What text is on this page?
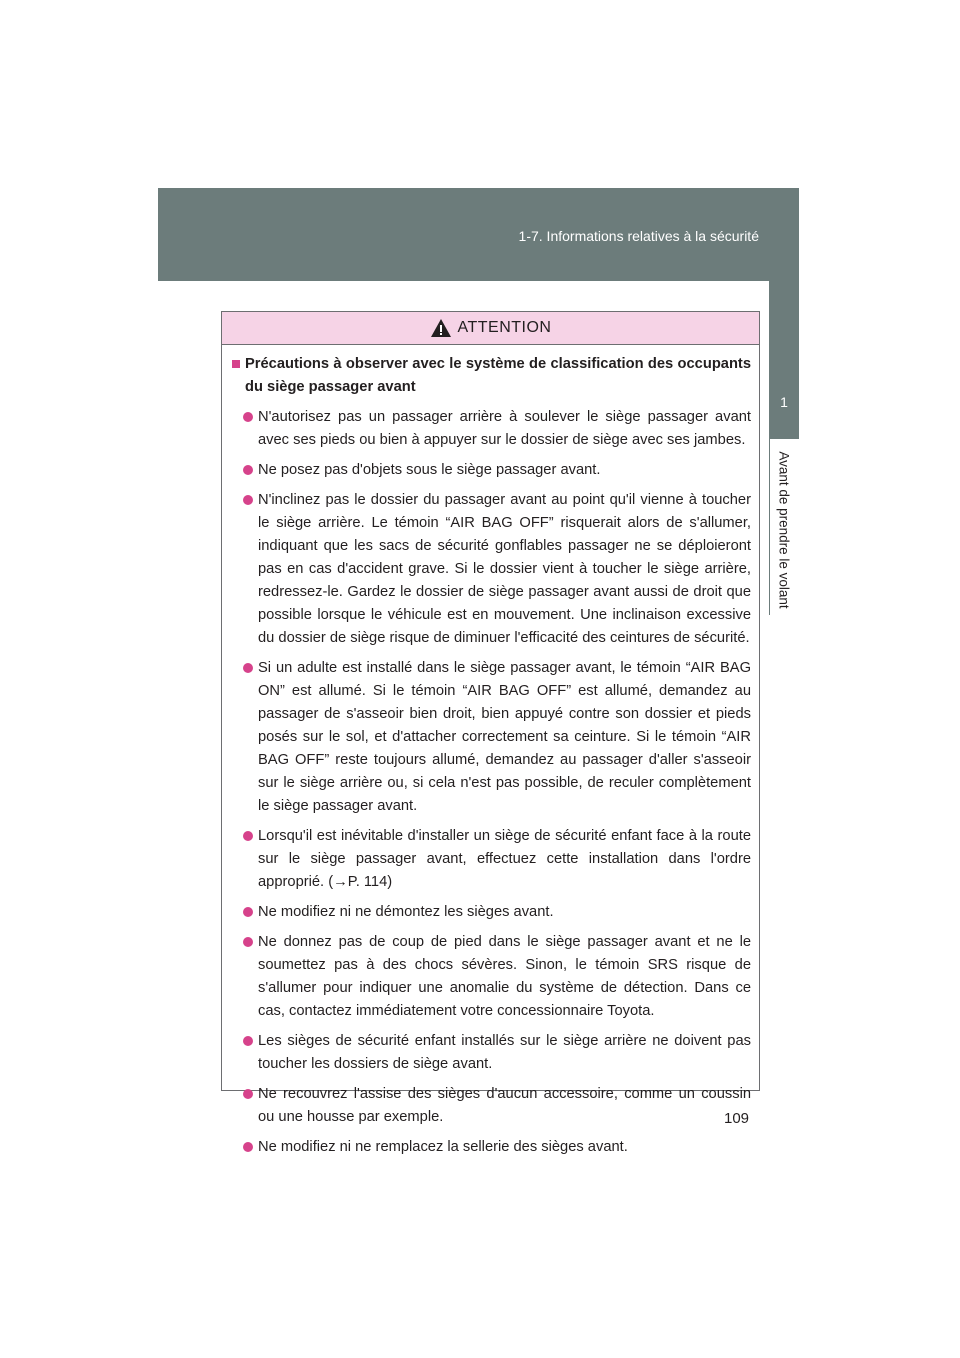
1-7. Informations relatives à la sécurité
1
Avant de prendre le volant
ATTENTION
Précautions à observer avec le système de classification des occupants du siège passager avant
N'autorisez pas un passager arrière à soulever le siège passager avant avec ses pieds ou bien à appuyer sur le dossier de siège avec ses jambes.
Ne posez pas d'objets sous le siège passager avant.
N'inclinez pas le dossier du passager avant au point qu'il vienne à toucher le siège arrière. Le témoin “AIR BAG OFF” risquerait alors de s'allumer, indiquant que les sacs de sécurité gonflables passager ne se déploieront pas en cas d'accident grave. Si le dossier vient à toucher le siège arrière, redressez-le. Gardez le dossier de siège passager avant aussi de droit que possible lorsque le véhicule est en mouvement. Une inclinaison excessive du dossier de siège risque de diminuer l'efficacité des ceintures de sécurité.
Si un adulte est installé dans le siège passager avant, le témoin “AIR BAG ON” est allumé. Si le témoin “AIR BAG OFF” est allumé, demandez au passager de s'asseoir bien droit, bien appuyé contre son dossier et pieds posés sur le sol, et d'attacher correctement sa ceinture. Si le témoin “AIR BAG OFF” reste toujours allumé, demandez au passager d'aller s'asseoir sur le siège arrière ou, si cela n'est pas possible, de reculer complètement le siège passager avant.
Lorsqu'il est inévitable d'installer un siège de sécurité enfant face à la route sur le siège passager avant, effectuez cette installation dans l'ordre approprié. (→P. 114)
Ne modifiez ni ne démontez les sièges avant.
Ne donnez pas de coup de pied dans le siège passager avant et ne le soumettez pas à des chocs sévères. Sinon, le témoin SRS risque de s'allumer pour indiquer une anomalie du système de détection. Dans ce cas, contactez immédiatement votre concessionnaire Toyota.
Les sièges de sécurité enfant installés sur le siège arrière ne doivent pas toucher les dossiers de siège avant.
Ne recouvrez l'assise des sièges d'aucun accessoire, comme un coussin ou une housse par exemple.
Ne modifiez ni ne remplacez la sellerie des sièges avant.
109
